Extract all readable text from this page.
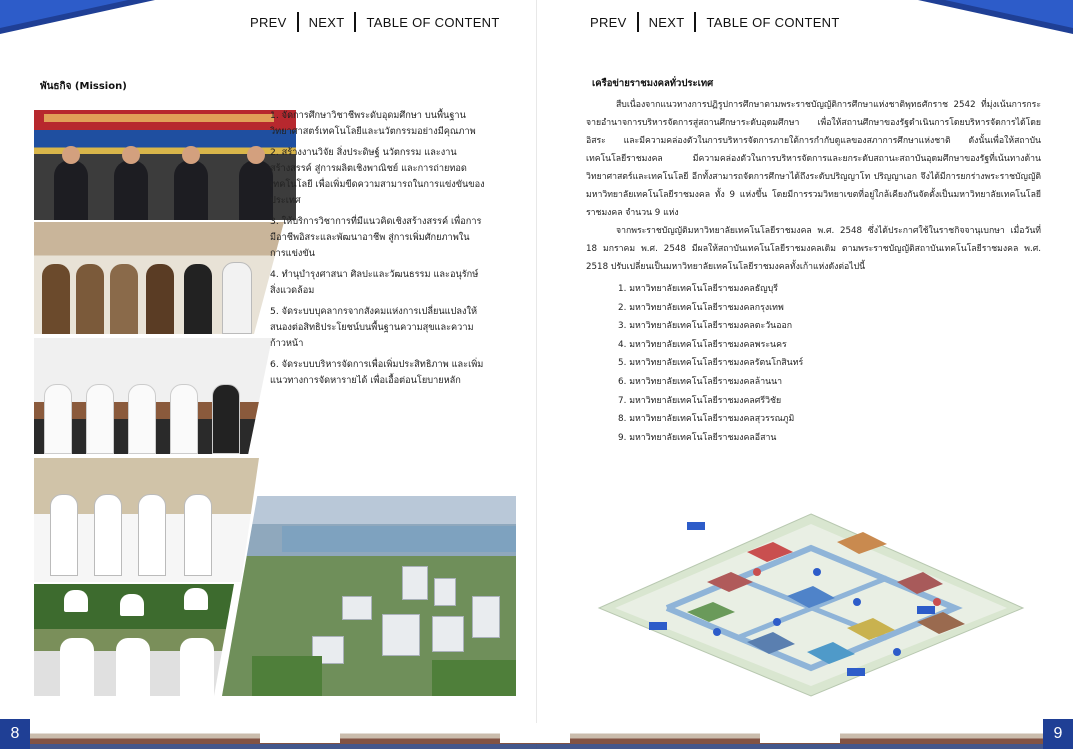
PREV	NEXT	TABLE OF CONTENT	PREV	NEXT	TABLE OF CONTENT
พันธกิจ (Mission)
1. จัดการศึกษาวิชาชีพระดับอุดมศึกษา บนพื้นฐานวิทยาศาสตร์เทคโนโลยีและนวัตกรรมอย่างมีคุณภาพ
2. สร้างงานวิจัย สิ่งประดิษฐ์ นวัตกรรม และงานสร้างสรรค์ สู่การผลิตเชิงพาณิชย์ และการถ่ายทอดเทคโนโลยี เพื่อเพิ่มขีดความสามารถในการแข่งขันของประเทศ
3. ให้บริการวิชาการที่มีแนวคิดเชิงสร้างสรรค์ เพื่อการมีอาชีพอิสระและพัฒนาอาชีพ สู่การเพิ่มศักยภาพในการแข่งขัน
4. ทำนุบำรุงศาสนา ศิลปะและวัฒนธรรม และอนุรักษ์สิ่งแวดล้อม
5. จัดระบบบุคลากรจากสังคมแห่งการเปลี่ยนแปลงให้สนองต่อสิทธิประโยชน์บนพื้นฐานความสุขและความก้าวหน้า
6. จัดระบบบริหารจัดการเพื่อเพิ่มประสิทธิภาพ และเพิ่มแนวทางการจัดหารายได้ เพื่อเอื้อต่อนโยบายหลัก
เครือข่ายราชมงคลทั่วประเทศ
สืบเนื่องจากแนวทางการปฏิรูปการศึกษาตามพระราชบัญญัติการศึกษาแห่งชาติพุทธศักราช 2542 ที่มุ่งเน้นการกระจายอำนาจการบริหารจัดการสู่สถานศึกษาระดับอุดมศึกษา เพื่อให้สถานศึกษาของรัฐดำเนินการโดยบริหารจัดการได้โดยอิสระ และมีความคล่องตัวในการบริหารจัดการภายใต้การกำกับดูแลของสภาการศึกษาแห่งชาติ ดังนั้นเพื่อให้สถาบันเทคโนโลยีราชมงคล มีความคล่องตัวในการบริหารจัดการและยกระดับสถานะสถาบันอุดมศึกษาของรัฐที่เน้นทางด้านวิทยาศาสตร์และเทคโนโลยี อีกทั้งสามารถจัดการศึกษาได้ถึงระดับปริญญาโท ปริญญาเอก จึงได้มีการยกร่างพระราชบัญญัติมหาวิทยาลัยเทคโนโลยีราชมงคล ทั้ง 9 แห่งขึ้น โดยมีการรวมวิทยาเขตที่อยู่ใกล้เคียงกันจัดตั้งเป็นมหาวิทยาลัยเทคโนโลยีราชมงคล จำนวน 9 แห่ง
จากพระราชบัญญัติมหาวิทยาลัยเทคโนโลยีราชมงคล พ.ศ. 2548 ซึ่งได้ประกาศใช้ในราชกิจจานุเบกษา เมื่อวันที่ 18 มกราคม พ.ศ. 2548 มีผลให้สถาบันเทคโนโลยีราชมงคลเดิม ตามพระราชบัญญัติสถาบันเทคโนโลยีราชมงคล พ.ศ. 2518 ปรับเปลี่ยนเป็นมหาวิทยาลัยเทคโนโลยีราชมงคลทั้งเก้าแห่งดังต่อไปนี้
1. มหาวิทยาลัยเทคโนโลยีราชมงคลธัญบุรี
2. มหาวิทยาลัยเทคโนโลยีราชมงคลกรุงเทพ
3. มหาวิทยาลัยเทคโนโลยีราชมงคลตะวันออก
4. มหาวิทยาลัยเทคโนโลยีราชมงคลพระนคร
5. มหาวิทยาลัยเทคโนโลยีราชมงคลรัตนโกสินทร์
6. มหาวิทยาลัยเทคโนโลยีราชมงคลล้านนา
7. มหาวิทยาลัยเทคโนโลยีราชมงคลศรีวิชัย
8. มหาวิทยาลัยเทคโนโลยีราชมงคลสุวรรณภูมิ
9. มหาวิทยาลัยเทคโนโลยีราชมงคลอีสาน
8	9
